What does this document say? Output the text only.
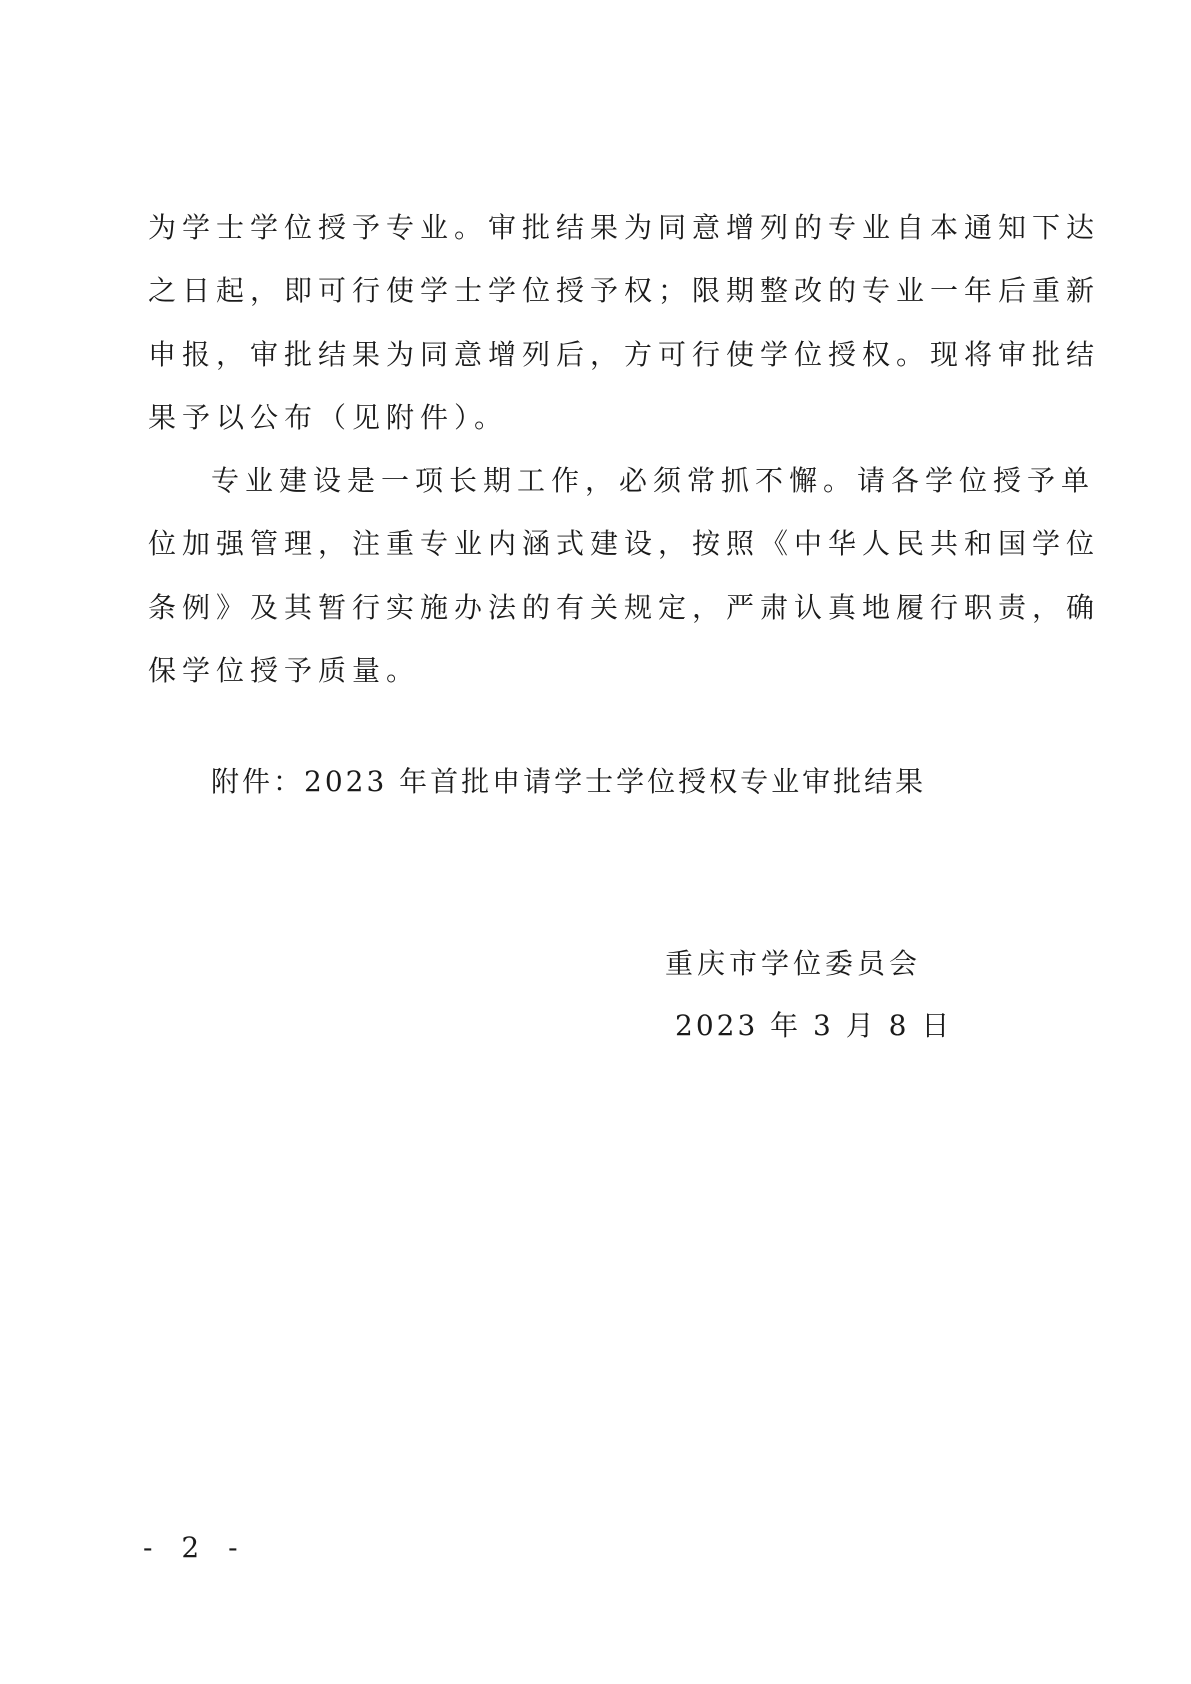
为学士学位授予专业。审批结果为同意增列的专业自本通知下达
之日起，即可行使学士学位授予权；限期整改的专业一年后重新
申报，审批结果为同意增列后，方可行使学位授权。现将审批结
果予以公布（见附件）。
专业建设是一项长期工作，必须常抓不懈。请各学位授予单
位加强管理，注重专业内涵式建设，按照《中华人民共和国学位
条例》及其暂行实施办法的有关规定，严肃认真地履行职责，确
保学位授予质量。
附件：2023 年首批申请学士学位授权专业审批结果
重庆市学位委员会
2023 年 3 月 8 日
- 2 -
